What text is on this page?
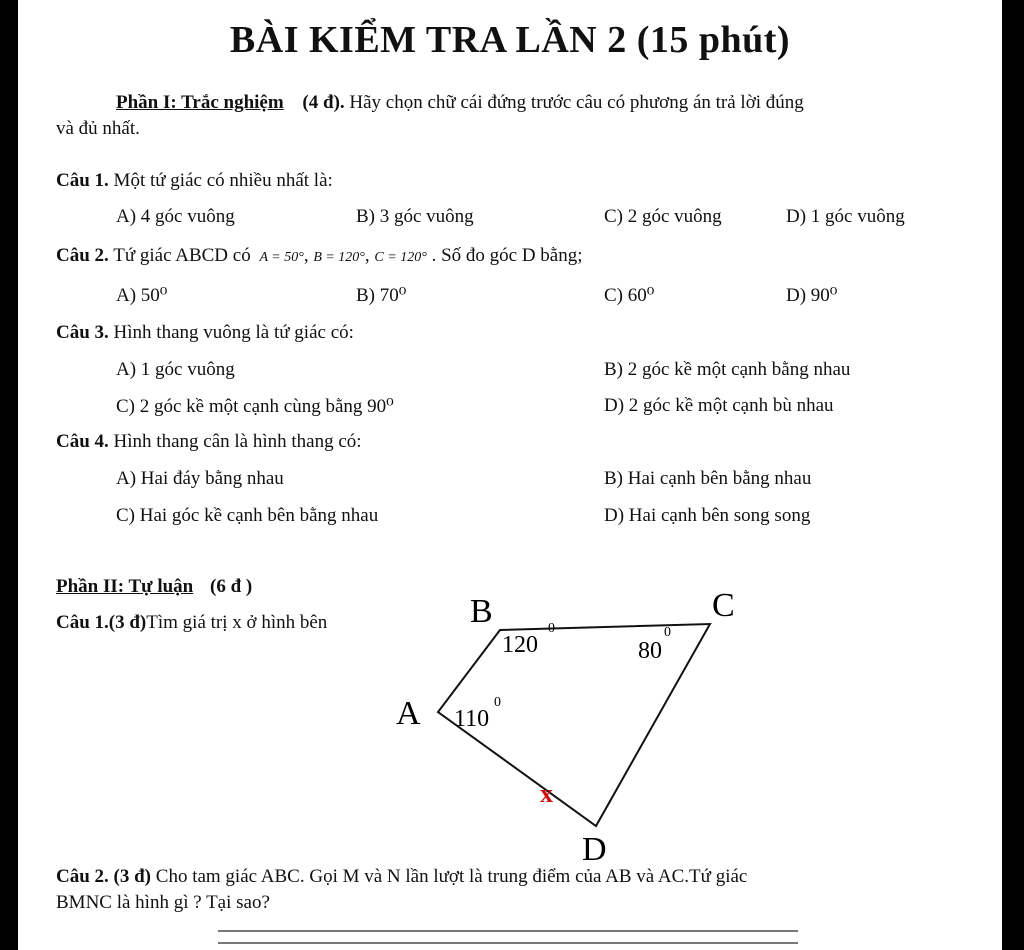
BÀI KIỂM TRA LẦN 2 (15 phút)
Phần I: Trắc nghiệm (4 đ). Hãy chọn chữ cái đứng trước câu có phương án trả lời đúng
và đủ nhất.
Câu 1. Một tứ giác có nhiều nhất là:
A) 4 góc vuông	B) 3 góc vuông	C) 2 góc vuông	D) 1 góc vuông
Câu 2. Tứ giác ABCD có A = 50°, B = 120°, C = 120° . Số đo góc D bằng;
A) 50⁰	B) 70⁰	C) 60⁰	D) 90⁰
Câu 3. Hình thang vuông là tứ giác có:
A) 1 góc vuông	B) 2 góc kề một cạnh bằng nhau
C) 2 góc kề một cạnh cùng bằng 90⁰	D) 2 góc kề một cạnh bù nhau
Câu 4. Hình thang cân là hình thang có:
A) Hai đáy bằng nhau	B) Hai cạnh bên bằng nhau
C) Hai góc kề cạnh bên bằng nhau	D) Hai cạnh bên song song
Phần II: Tự luận (6 đ )
Câu 1.(3 đ)Tìm giá trị x ở hình bên	B	C
A
D
120
0
80
0
110
0
x
Câu 2. (3 đ) Cho tam giác ABC. Gọi M và N lần lượt là trung điểm của AB và AC.Tứ giác
BMNC là hình gì ? Tại sao?
